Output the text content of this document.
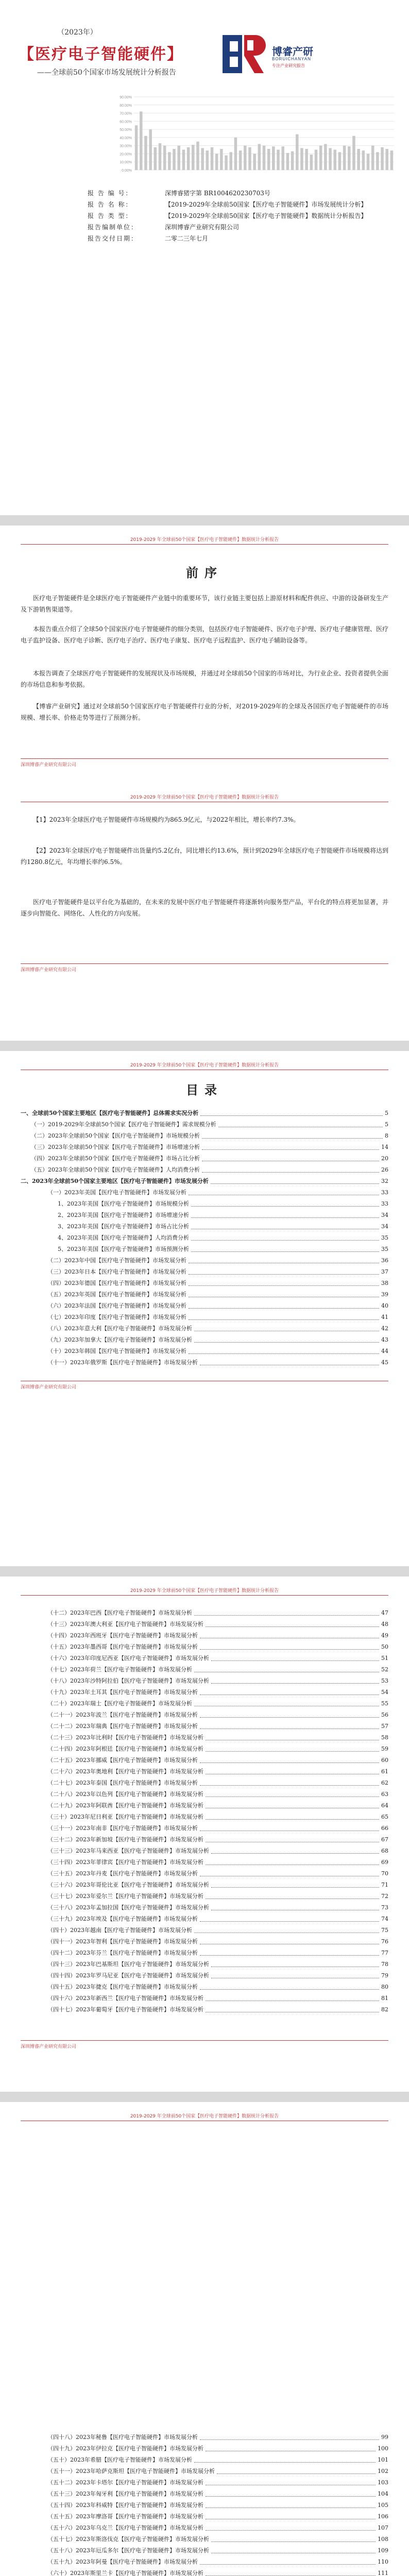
（2023年）
【医疗电子智能硬件】
——全球前50个国家市场发展统计分析报告
博睿产研
BORUICHANYAN
专注产业研究报告
0.00%
10.00%
20.00%
30.00%
40.00%
50.00%
60.00%
70.00%
80.00%
90.00%
报 告 编 号：	深博睿猪字第 BR1004620230703号
报 告 名 称：	【2019-2029年全球前50国家【医疗电子智能硬件】市场发展统计分析】
报 告 类 型：	【2019-2029年全球前50国家【医疗电子智能硬件】数据统计分析报告】
报告编制单位：	深圳博睿产业研究有限公司
报告交付日期：	二零二三年七月
2019-2029 年全球前50个国家【医疗电子智能硬件】数据统计分析报告
前序
医疗电子智能硬件是全球医疗电子智能硬件产业链中的重要环节，该行业链主要包括上游原材料和配件供应、中游的设备研发生产及下游销售渠道等。
本报告重点介绍了全球50个国家医疗电子智能硬件的细分类别，包括医疗电子智能硬件、医疗电子护理、医疗电子健康管理、医疗电子监护设备、医疗电子诊断、医疗电子治疗、医疗电子康复、医疗电子远程监护、医疗电子辅助设备等。
本报告调查了全球医疗电子智能硬件的发展现状及市场规模，并通过对全球前50个国家的市场对比，为行业企业、投资者提供全面的市场信息和参考依据。
【博睿产业研究】通过对全球前50个国家医疗电子智能硬件行业的分析，对2019-2029年的全球及各国医疗电子智能硬件的市场规模、增长率、价格走势等进行了预测分析。
深圳博睿产业研究有限公司
2019-2029 年全球前50个国家【医疗电子智能硬件】数据统计分析报告
【1】2023年全球医疗电子智能硬件市场规模约为865.9亿元，与2022年相比，增长率约7.3%。
【2】2023年全球医疗电子智能硬件出货量约5.2亿台，同比增长约13.6%，预计到2029年全球医疗电子智能硬件市场规模将达到约1280.8亿元，年均增长率约6.5%。
医疗电子智能硬件是以平台化为基础的，在未来的发展中医疗电子智能硬件将逐渐转向服务型产品，平台化的特点将更加显著，并逐步向智能化、网络化、人性化的方向发展。
深圳博睿产业研究有限公司
2019-2029 年全球前50个国家【医疗电子智能硬件】数据统计分析报告
目录
一、全球前50个国家主要地区【医疗电子智能硬件】总体需求实况分析	5
（一）2019-2029年全球前50个国家【医疗电子智能硬件】需求规模分析	5
（二）2023年全球前50个国家【医疗电子智能硬件】市场规模分析	8
（三）2023年全球前50个国家【医疗电子智能硬件】市场增速分析	14
（四）2023年全球前50个国家【医疗电子智能硬件】市场占比分析	20
（五）2023年全球前50个国家【医疗电子智能硬件】人均消费分析	26
二、2023年全球前50个国家主要地区【医疗电子智能硬件】市场发展分析	32
（一）2023年美国【医疗电子智能硬件】市场发展分析	33
1、2023年美国【医疗电子智能硬件】市场规模分析	33
2、2023年美国【医疗电子智能硬件】市场增速分析	34
3、2023年美国【医疗电子智能硬件】市场占比分析	34
4、2023年美国【医疗电子智能硬件】人均消费分析	35
5、2023年美国【医疗电子智能硬件】市场预测分析	35
（二）2023年中国【医疗电子智能硬件】市场发展分析	36
（三）2023年日本【医疗电子智能硬件】市场发展分析	37
（四）2023年德国【医疗电子智能硬件】市场发展分析	38
（五）2023年英国【医疗电子智能硬件】市场发展分析	39
（六）2023年法国【医疗电子智能硬件】市场发展分析	40
（七）2023年印度【医疗电子智能硬件】市场发展分析	41
（八）2023年意大利【医疗电子智能硬件】市场发展分析	42
（九）2023年加拿大【医疗电子智能硬件】市场发展分析	43
（十）2023年韩国【医疗电子智能硬件】市场发展分析	44
（十一）2023年俄罗斯【医疗电子智能硬件】市场发展分析	45
深圳博睿产业研究有限公司
2019-2029 年全球前50个国家【医疗电子智能硬件】数据统计分析报告
（十二）2023年巴西【医疗电子智能硬件】市场发展分析	47
（十三）2023年澳大利亚【医疗电子智能硬件】市场发展分析	48
（十四）2023年西班牙【医疗电子智能硬件】市场发展分析	49
（十五）2023年墨西哥【医疗电子智能硬件】市场发展分析	50
（十六）2023年印度尼西亚【医疗电子智能硬件】市场发展分析	51
（十七）2023年荷兰【医疗电子智能硬件】市场发展分析	52
（十八）2023年沙特阿拉伯【医疗电子智能硬件】市场发展分析	53
（十九）2023年土耳其【医疗电子智能硬件】市场发展分析	54
（二十）2023年瑞士【医疗电子智能硬件】市场发展分析	55
（二十一）2023年波兰【医疗电子智能硬件】市场发展分析	56
（二十二）2023年瑞典【医疗电子智能硬件】市场发展分析	57
（二十三）2023年比利时【医疗电子智能硬件】市场发展分析	58
（二十四）2023年阿根廷【医疗电子智能硬件】市场发展分析	59
（二十五）2023年挪威【医疗电子智能硬件】市场发展分析	60
（二十六）2023年奥地利【医疗电子智能硬件】市场发展分析	61
（二十七）2023年泰国【医疗电子智能硬件】市场发展分析	62
（二十八）2023年以色列【医疗电子智能硬件】市场发展分析	63
（二十九）2023年阿联酋【医疗电子智能硬件】市场发展分析	64
（三十）2023年尼日利亚【医疗电子智能硬件】市场发展分析	65
（三十一）2023年南非【医疗电子智能硬件】市场发展分析	66
（三十二）2023年新加坡【医疗电子智能硬件】市场发展分析	67
（三十三）2023年马来西亚【医疗电子智能硬件】市场发展分析	68
（三十四）2023年菲律宾【医疗电子智能硬件】市场发展分析	69
（三十五）2023年丹麦【医疗电子智能硬件】市场发展分析	70
（三十六）2023年哥伦比亚【医疗电子智能硬件】市场发展分析	71
（三十七）2023年爱尔兰【医疗电子智能硬件】市场发展分析	72
（三十八）2023年孟加拉国【医疗电子智能硬件】市场发展分析	73
（三十九）2023年埃及【医疗电子智能硬件】市场发展分析	74
（四十）2023年越南【医疗电子智能硬件】市场发展分析	75
（四十一）2023年智利【医疗电子智能硬件】市场发展分析	76
（四十二）2023年芬兰【医疗电子智能硬件】市场发展分析	77
（四十三）2023年巴基斯坦【医疗电子智能硬件】市场发展分析	78
（四十四）2023年罗马尼亚【医疗电子智能硬件】市场发展分析	79
（四十五）2023年捷克【医疗电子智能硬件】市场发展分析	80
（四十六）2023年新西兰【医疗电子智能硬件】市场发展分析	81
（四十七）2023年葡萄牙【医疗电子智能硬件】市场发展分析	82
深圳博睿产业研究有限公司
2019-2029 年全球前50个国家【医疗电子智能硬件】数据统计分析报告
（四十八）2023年秘鲁【医疗电子智能硬件】市场发展分析	99
（四十九）2023年伊拉克【医疗电子智能硬件】市场发展分析	100
（五十）2023年希腊【医疗电子智能硬件】市场发展分析	101
（五十一）2023年哈萨克斯坦【医疗电子智能硬件】市场发展分析	102
（五十二）2023年卡塔尔【医疗电子智能硬件】市场发展分析	103
（五十三）2023年匈牙利【医疗电子智能硬件】市场发展分析	104
（五十四）2023年科威特【医疗电子智能硬件】市场发展分析	105
（五十五）2023年摩洛哥【医疗电子智能硬件】市场发展分析	106
（五十六）2023年乌克兰【医疗电子智能硬件】市场发展分析	107
（五十七）2023年斯洛伐克【医疗电子智能硬件】市场发展分析	108
（五十八）2023年厄瓜多尔【医疗电子智能硬件】市场发展分析	109
（五十九）2023年阿曼【医疗电子智能硬件】市场发展分析	110
（六十）2023年斯里兰卡【医疗电子智能硬件】市场发展分析	111
